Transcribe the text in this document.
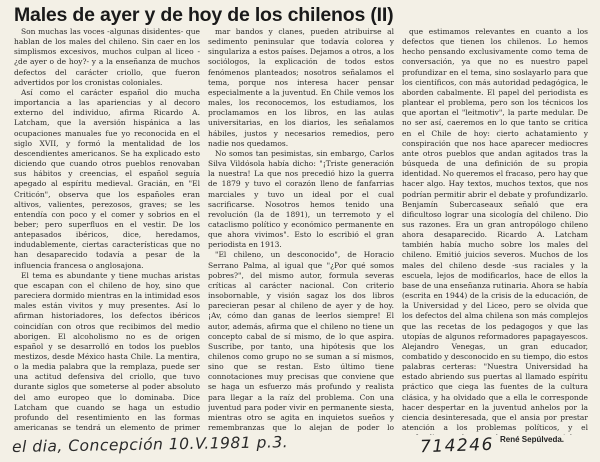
Males de ayer y de hoy de los chilenos (II)

Son muchas las voces -algunas disidentes- que hablan de los males del chileno. Sin caer en los simplismos excesivos, muchos culpan al liceo -¿de ayer o de hoy?- y a la enseñanza de muchos defectos del carácter criollo, que fueron advertidos por los cronistas coloniales.

Así como el carácter español dio mucha importancia a las apariencias y al decoro externo del individuo, afirma Ricardo A. Latcham, que la aversión hispánica a las ocupaciones manuales fue yo reconocida en el siglo XVII, y formó la mentalidad de los descendientes americanos. Se ha explicado esto diciendo que cuando otros pueblos renovaban sus hábitos y creencias, el español seguía apegado al espíritu medieval. Gracián, en "El Criticón", observa que los españoles eran altivos, valientes, perezosos, graves; se les entendía con poco y el comer y sobrios en el beber; pero superfluos en el vestir. De los antepasados ibéricos, dice, heredamos, indudablemente, ciertas características que no han desaparecido todavía a pesar de la influencia francesa o anglosajona.

El tema es abundante y tiene muchas aristas que escapan con el chileno de hoy, sino que pareciera dormido mientras en la intimidad esos males están vivitos y muy presentes. Así lo afirman historiadores, los defectos ibéricos coincidían con otros que recibimos del medio aborigen. El alcoholismo no es de origen español y se desarrolló en todos los pueblos mestizos, desde México hasta Chile. La mentira, o la media palabra que la remplaza, puede ser una actitud defensiva del criollo, que tuvo durante siglos que someterse al poder absoluto del amo europeo que lo dominaba. Dice Latcham que cuando se haga un estudio profundo del resentimiento en las formas americanas se tendrá un elemento de primer

mar bandos y clanes, pueden atribuirse al sedimento peninsular que todavía colorea y singulariza a estos países. Dejamos a otros, a los sociólogos, la explicación de todos estos fenómenos planteados; nosotros señalamos el tema, porque nos interesa hacer pensar especialmente a la juventud. En Chile vemos los males, los reconocemos, los estudiamos, los proclamamos en los libros, en las aulas universitarias, en los diarios, les señalamos hábiles, justos y necesarios remedios, pero nadie nos quedamos.

No somos tan pesimistas, sin embargo, Carlos Silva Vildósola había dicho: "¡Triste generación la nuestra! La que nos precedió hizo la guerra de 1879 y tuvo el corazón lleno de fanfarrias marciales y tuvo un ideal por el cual sacrificarse. Nosotros hemos tenido una revolución (la de 1891), un terremoto y el cataclismo político y económico permanente en que ahora vivimos". Esto lo escribió el gran periodista en 1913.

"El chileno, un desconocido", de Horacio Serrano Palma, al igual que "¿Por qué somos pobres?", del mismo autor, formula severas críticas al carácter nacional. Con criterio insobornable, y visión sagaz los dos libros parecieran pesar al chileno de ayer y de hoy. ¡Av, cómo dan ganas de leerlos siempre! El autor, además, afirma que el chileno no tiene un concepto cabal de sí mismo, de lo que aspira. Suscribe, por tanto, una hipótesis que los chilenos como grupo no se suman a sí mismos, sino que se restan. Esto último tiene connotaciones muy precisas que conviene que se haga un esfuerzo más profundo y realista para llegar a la raíz del problema. Con una juventud para poder vivir en permanente siesta, mientras otro se agita en inquietos sueños y remembranzas que lo alejan de poder lo

que estimamos relevantes en cuanto a los defectos que tienen los chilenos. Lo hemos hecho pensando exclusivamente como tema de conversación, ya que no es nuestro papel profundizar en el tema, sino soslayarlo para que los científicos, con más autoridad pedagógica, le aborden cabalmente. El papel del periodista es plantear el problema, pero son los técnicos los que aportan el "leitmotiv", la parte medular. De no ser así, caeremos en lo que tanto se critica en el Chile de hoy: cierto achatamiento y conspiración que nos hace aparecer mediocres ante otros pueblos que andan agitados tras la búsqueda de una definición de su propia identidad. No queremos el fracaso, pero hay que hacer algo. Hay textos, muchos textos, que nos podrían permitir abrir el debate y profundizarlo. Benjamín Subercaseaux señaló que era dificultoso lograr una sicología del chileno. Dio sus razones. Era un gran antropólogo chileno ahora desaparecido. Ricardo A. Latcham también había mucho sobre los males del chileno. Emitió juicios severos. Muchos de los males del chileno desde -sus raciales y la escuela, lejos de modificarlos, hace de ellos la base de una enseñanza rutinaria. Ahora se había (escrita en 1944) de la crisis de la educación, de la Universidad y del Liceo, pero se olvida que los defectos del alma chilena son más complejos que las recetas de los pedagogos y que las utopías de algunos reformadores papagayescos. Alejandro Venegas, un gran educador, combatido y desconocido en su tiempo, dio estos palabras certeras: "Nuestra Universidad ha estado abriendo sus puertas al llamado espíritu práctico que ciega las fuentes de la cultura clásica, y ha olvidado que a ella le corresponde hacer despertar en la juventud anhelos por la ciencia desinteresada, que el ansia por prestar atención a los problemas políticos, y el

René Sepúlveda.

el dia, Concepción 10.V.1981 p.3.	714246
